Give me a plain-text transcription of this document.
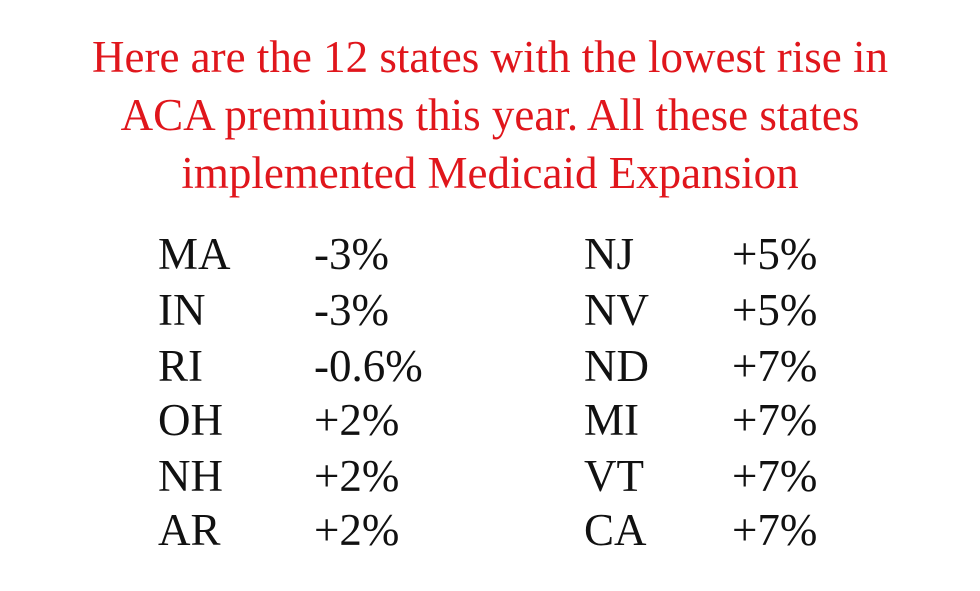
Here are the 12 states with the lowest rise in
ACA premiums this year. All these states
implemented Medicaid Expansion
MA -3%	NJ +5%
IN -3%	NV +5%
RI -0.6%	ND +7%
OH +2%	MI +7%
NH +2%	VT +7%
AR +2%	CA +7%
